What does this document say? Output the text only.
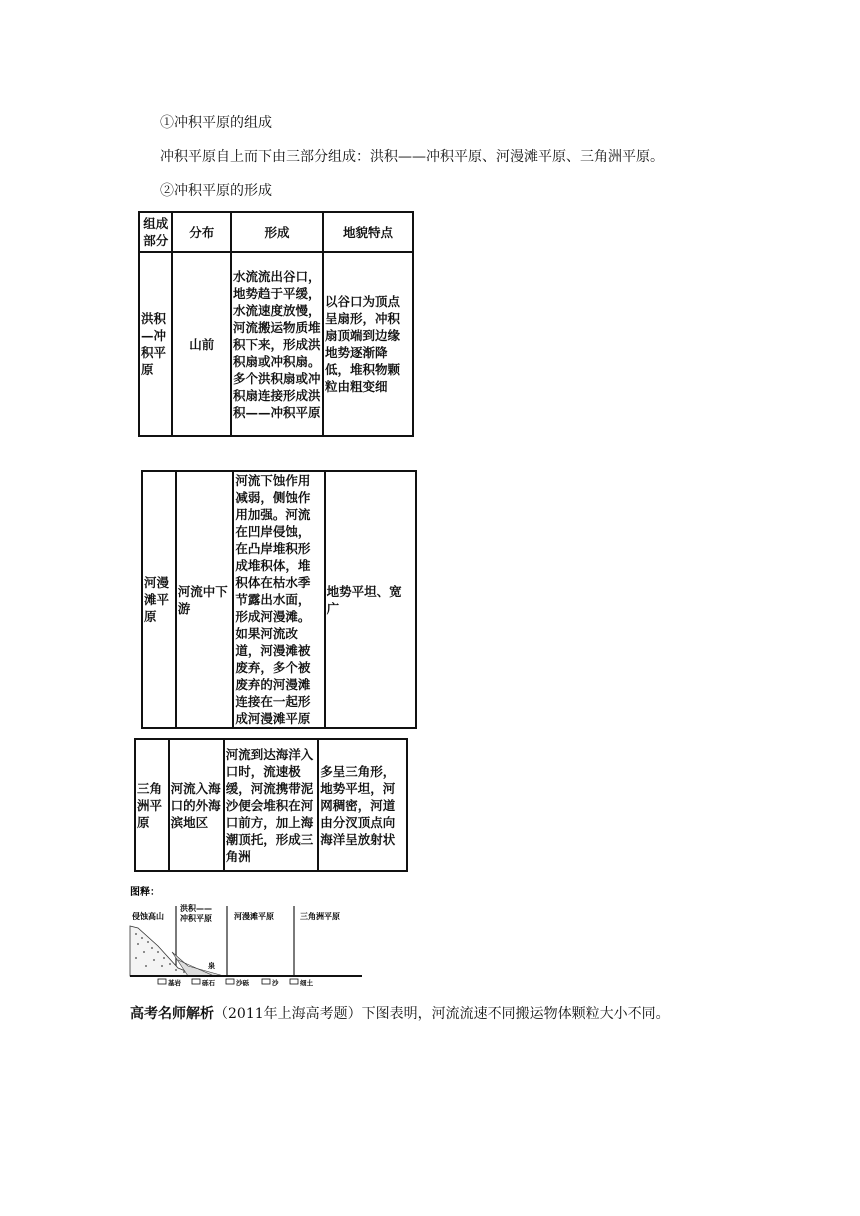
①冲积平原的组成
冲积平原自上而下由三部分组成：洪积——冲积平原、河漫滩平原、三角洲平原。
②冲积平原的形成
组成部分	分布	形成	地貌特点
洪积—冲积平原	山前	水流流出谷口，地势趋于平缓，水流速度放慢，河流搬运物质堆积下来，形成洪积扇或冲积扇。多个洪积扇或冲积扇连接形成洪积——冲积平原	以谷口为顶点呈扇形，冲积扇顶端到边缘地势逐渐降低，堆积物颗粒由粗变细
河漫滩平原	河流中下游	河流下蚀作用减弱，侧蚀作用加强。河流在凹岸侵蚀，在凸岸堆积形成堆积体，堆积体在枯水季节露出水面，形成河漫滩。如果河流改道，河漫滩被废弃，多个被废弃的河漫滩连接在一起形成河漫滩平原	地势平坦、宽广
三角洲平原	河流入海口的外海滨地区	河流到达海洋入口时，流速极缓，河流携带泥沙便会堆积在河口前方，加上海潮顶托，形成三角洲	多呈三角形，地势平坦，河网稠密，河道由分汊顶点向海洋呈放射状
图释：
侵蚀高山
洪积——冲积平原	河漫滩平原	三角洲平原
泉
基岩	砾石	沙砾	沙	细土
高考名师解析（2011年上海高考题）下图表明，河流流速不同搬运物体颗粒大小不同。
